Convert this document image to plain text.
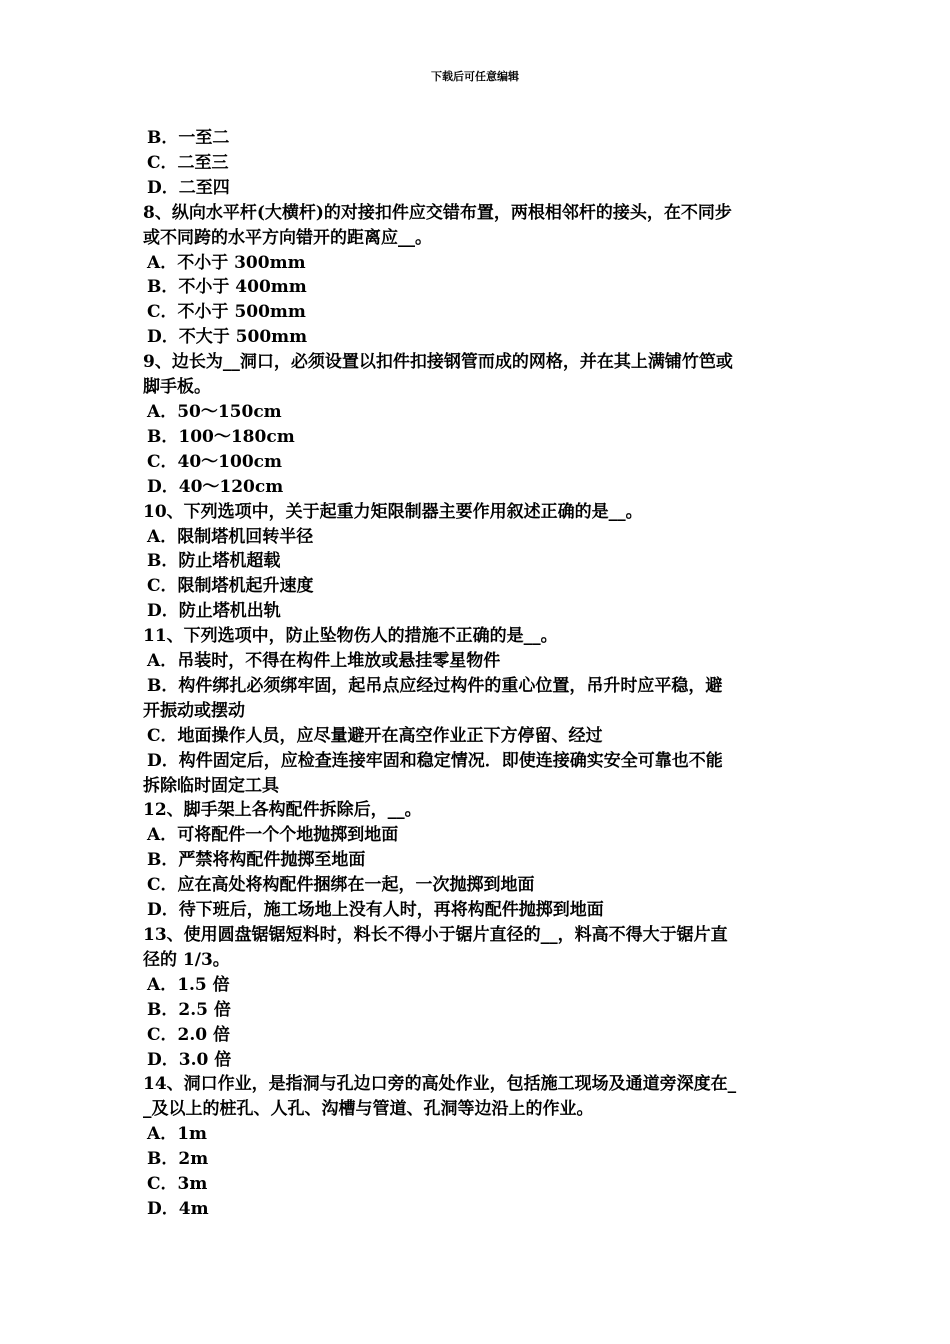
下载后可任意编辑
B．一至二
C．二至三
D．二至四
8、纵向水平杆(大横杆)的对接扣件应交错布置，两根相邻杆的接头，在不同步
或不同跨的水平方向错开的距离应__。
A．不小于 300mm
B．不小于 400mm
C．不小于 500mm
D．不大于 500mm
9、边长为__洞口，必须设置以扣件扣接钢管而成的网格，并在其上满铺竹笆或
脚手板。
A．50～150cm
B．100～180cm
C．40～100cm
D．40～120cm
10、下列选项中，关于起重力矩限制器主要作用叙述正确的是__。
A．限制塔机回转半径
B．防止塔机超载
C．限制塔机起升速度
D．防止塔机出轨
11、下列选项中，防止坠物伤人的措施不正确的是__。
A．吊装时，不得在构件上堆放或悬挂零星物件
B．构件绑扎必须绑牢固，起吊点应经过构件的重心位置，吊升时应平稳，避
开振动或摆动
C．地面操作人员，应尽量避开在高空作业正下方停留、经过
D．构件固定后，应检查连接牢固和稳定情况．即使连接确实安全可靠也不能
拆除临时固定工具
12、脚手架上各构配件拆除后，__。
A．可将配件一个个地抛掷到地面
B．严禁将构配件抛掷至地面
C．应在高处将构配件捆绑在一起，一次抛掷到地面
D．待下班后，施工场地上没有人时，再将构配件抛掷到地面
13、使用圆盘锯锯短料时，料长不得小于锯片直径的__，料高不得大于锯片直
径的 1/3。
A．1.5 倍
B．2.5 倍
C．2.0 倍
D．3.0 倍
14、洞口作业，是指洞与孔边口旁的高处作业，包括施工现场及通道旁深度在_
_及以上的桩孔、人孔、沟槽与管道、孔洞等边沿上的作业。
A．1m
B．2m
C．3m
D．4m
